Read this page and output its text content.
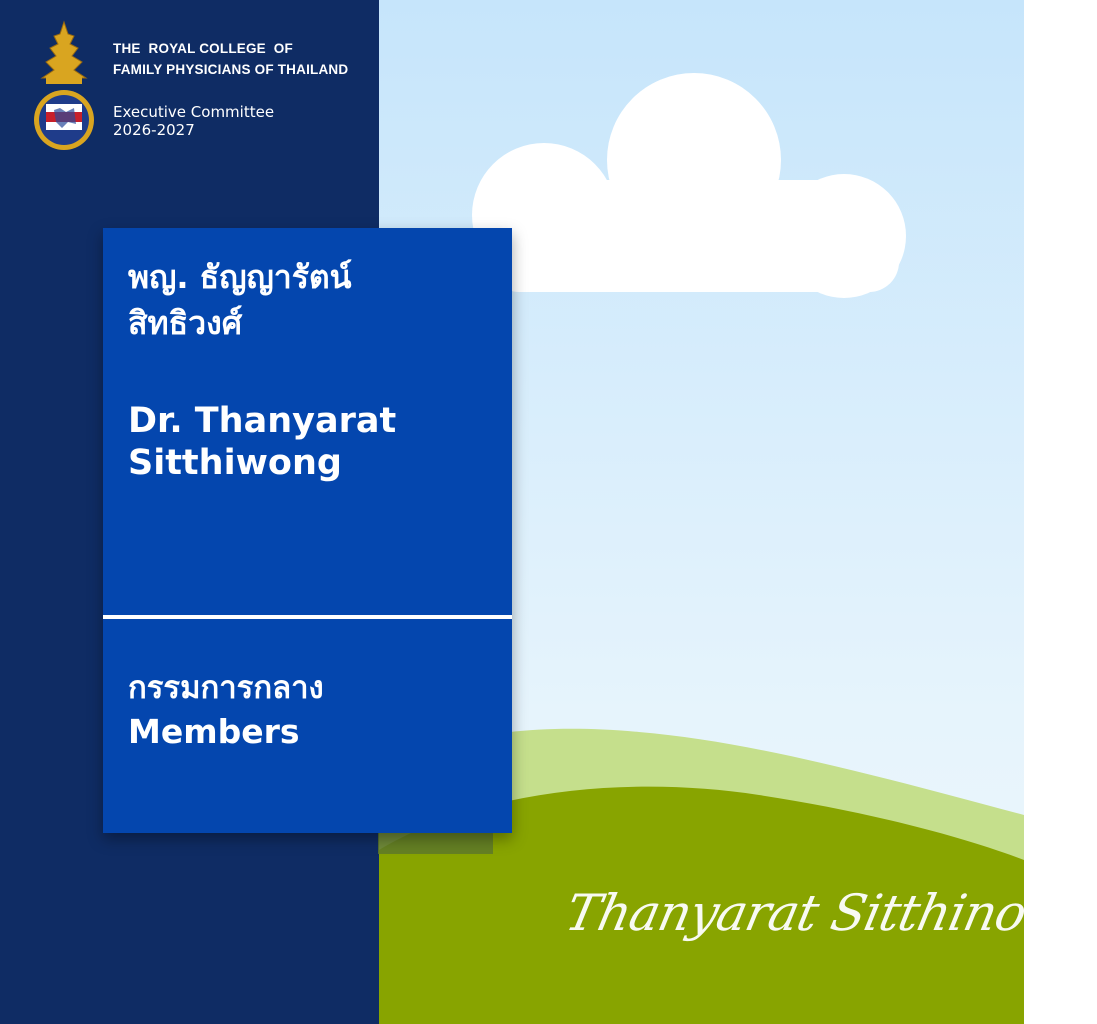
THE  ROYAL COLLEGE  OF
FAMILY PHYSICIANS OF THAILAND
Executive Committee
2026-2027
พญ. ธัญญารัตน์
สิทธิวงศ์
Dr. Thanyarat
Sitthiwong
กรรมการกลาง
Members
Thanyarat Sitthinong
